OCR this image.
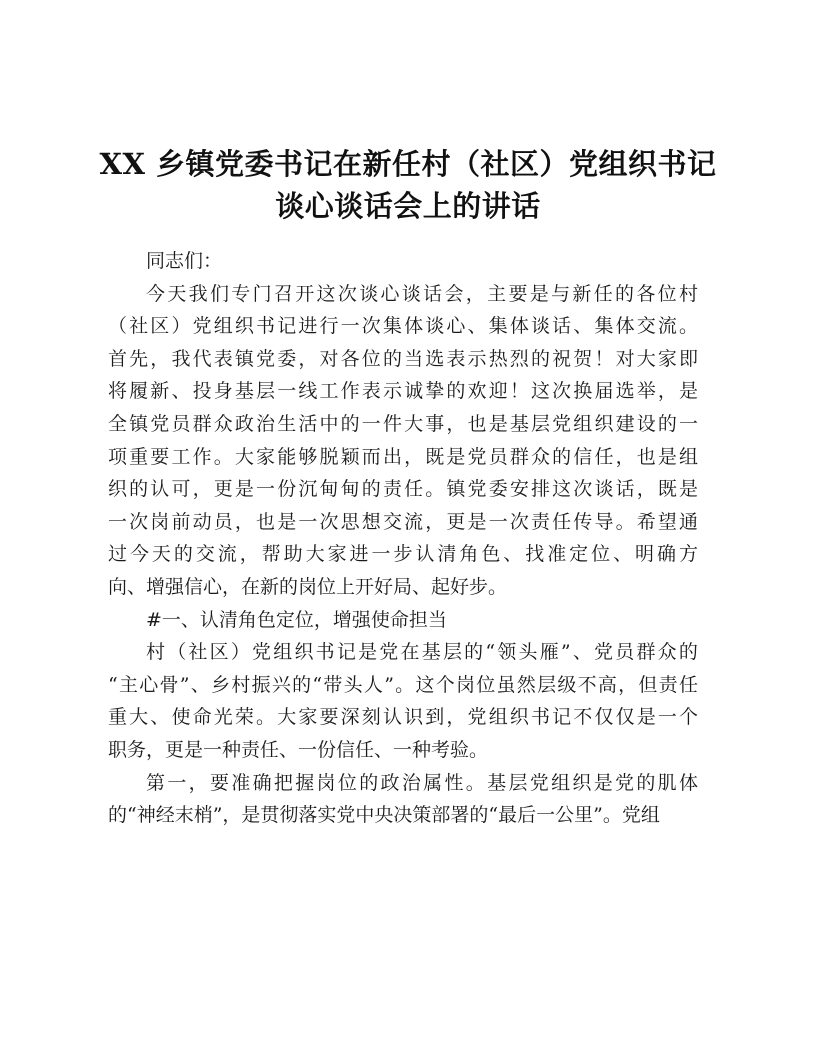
XX 乡镇党委书记在新任村（社区）党组织书记
谈心谈话会上的讲话
同志们：
今天我们专门召开这次谈心谈话会，主要是与新任的各位村
（社区）党组织书记进行一次集体谈心、集体谈话、集体交流。
首先，我代表镇党委，对各位的当选表示热烈的祝贺！对大家即
将履新、投身基层一线工作表示诚挚的欢迎！这次换届选举，是
全镇党员群众政治生活中的一件大事，也是基层党组织建设的一
项重要工作。大家能够脱颖而出，既是党员群众的信任，也是组
织的认可，更是一份沉甸甸的责任。镇党委安排这次谈话，既是
一次岗前动员，也是一次思想交流，更是一次责任传导。希望通
过今天的交流，帮助大家进一步认清角色、找准定位、明确方
向、增强信心，在新的岗位上开好局、起好步。
#一、认清角色定位，增强使命担当
村（社区）党组织书记是党在基层的“领头雁”、党员群众的
“主心骨”、乡村振兴的“带头人”。这个岗位虽然层级不高，但责任
重大、使命光荣。大家要深刻认识到，党组织书记不仅仅是一个
职务，更是一种责任、一份信任、一种考验。
第一，要准确把握岗位的政治属性。基层党组织是党的肌体
的“神经末梢”，是贯彻落实党中央决策部署的“最后一公里”。党组
